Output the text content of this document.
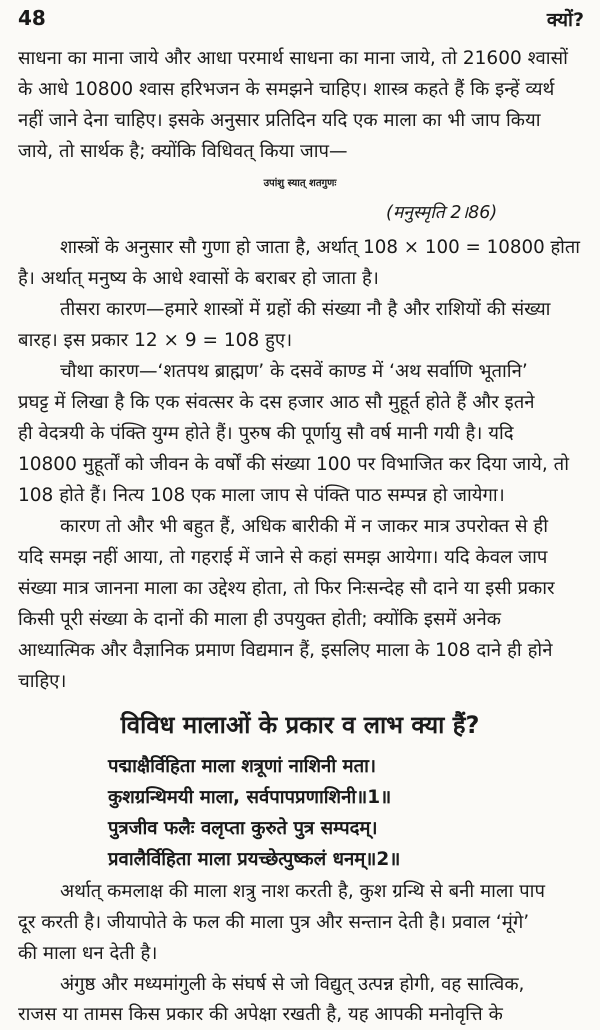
48	क्यों?
साधना का माना जाये और आधा परमार्थ साधना का माना जाये, तो 21600 श्वासों
के आधे 10800 श्वास हरिभजन के समझने चाहिए। शास्त्र कहते हैं कि इन्हें व्यर्थ
नहीं जाने देना चाहिए। इसके अनुसार प्रतिदिन यदि एक माला का भी जाप किया
जाये, तो सार्थक है; क्योंकि विधिवत् किया जाप—
उपांशु स्यात् शतगुणः
(मनुस्मृति 2।86)
शास्त्रों के अनुसार सौ गुणा हो जाता है, अर्थात् 108 × 100 = 10800 होता
है। अर्थात् मनुष्य के आधे श्वासों के बराबर हो जाता है।
तीसरा कारण—हमारे शास्त्रों में ग्रहों की संख्या नौ है और राशियों की संख्या
बारह। इस प्रकार 12 × 9 = 108 हुए।
चौथा कारण—‘शतपथ ब्राह्मण’ के दसवें काण्ड में ‘अथ सर्वाणि भूतानि’
प्रघट्ट में लिखा है कि एक संवत्सर के दस हजार आठ सौ मुहूर्त होते हैं और इतने
ही वेदत्रयी के पंक्ति युग्म होते हैं। पुरुष की पूर्णायु सौ वर्ष मानी गयी है। यदि
10800 मुहूर्तों को जीवन के वर्षों की संख्या 100 पर विभाजित कर दिया जाये, तो
108 होते हैं। नित्य 108 एक माला जाप से पंक्ति पाठ सम्पन्न हो जायेगा।
कारण तो और भी बहुत हैं, अधिक बारीकी में न जाकर मात्र उपरोक्त से ही
यदि समझ नहीं आया, तो गहराई में जाने से कहां समझ आयेगा। यदि केवल जाप
संख्या मात्र जानना माला का उद्देश्य होता, तो फिर निःसन्देह सौ दाने या इसी प्रकार
किसी पूरी संख्या के दानों की माला ही उपयुक्त होती; क्योंकि इसमें अनेक
आध्यात्मिक और वैज्ञानिक प्रमाण विद्यमान हैं, इसलिए माला के 108 दाने ही होने
चाहिए।
विविध मालाओं के प्रकार व लाभ क्या हैं?
पद्माक्षैर्विहिता माला शत्रूणां नाशिनी मता।
कुशग्रन्थिमयी माला, सर्वपापप्रणाशिनी॥1॥
पुत्रजीव फलैः वलृप्ता कुरुते पुत्र सम्पदम्।
प्रवालैर्विहिता माला प्रयच्छेत्पुष्कलं धनम्॥2॥
अर्थात् कमलाक्ष की माला शत्रु नाश करती है, कुश ग्रन्थि से बनी माला पाप
दूर करती है। जीयापोते के फल की माला पुत्र और सन्तान देती है। प्रवाल ‘मूंगे’
की माला धन देती है।
अंगुष्ठ और मध्यमांगुली के संघर्ष से जो विद्युत् उत्पन्न होगी, वह सात्विक,
राजस या तामस किस प्रकार की अपेक्षा रखती है, यह आपकी मनोवृत्ति के
